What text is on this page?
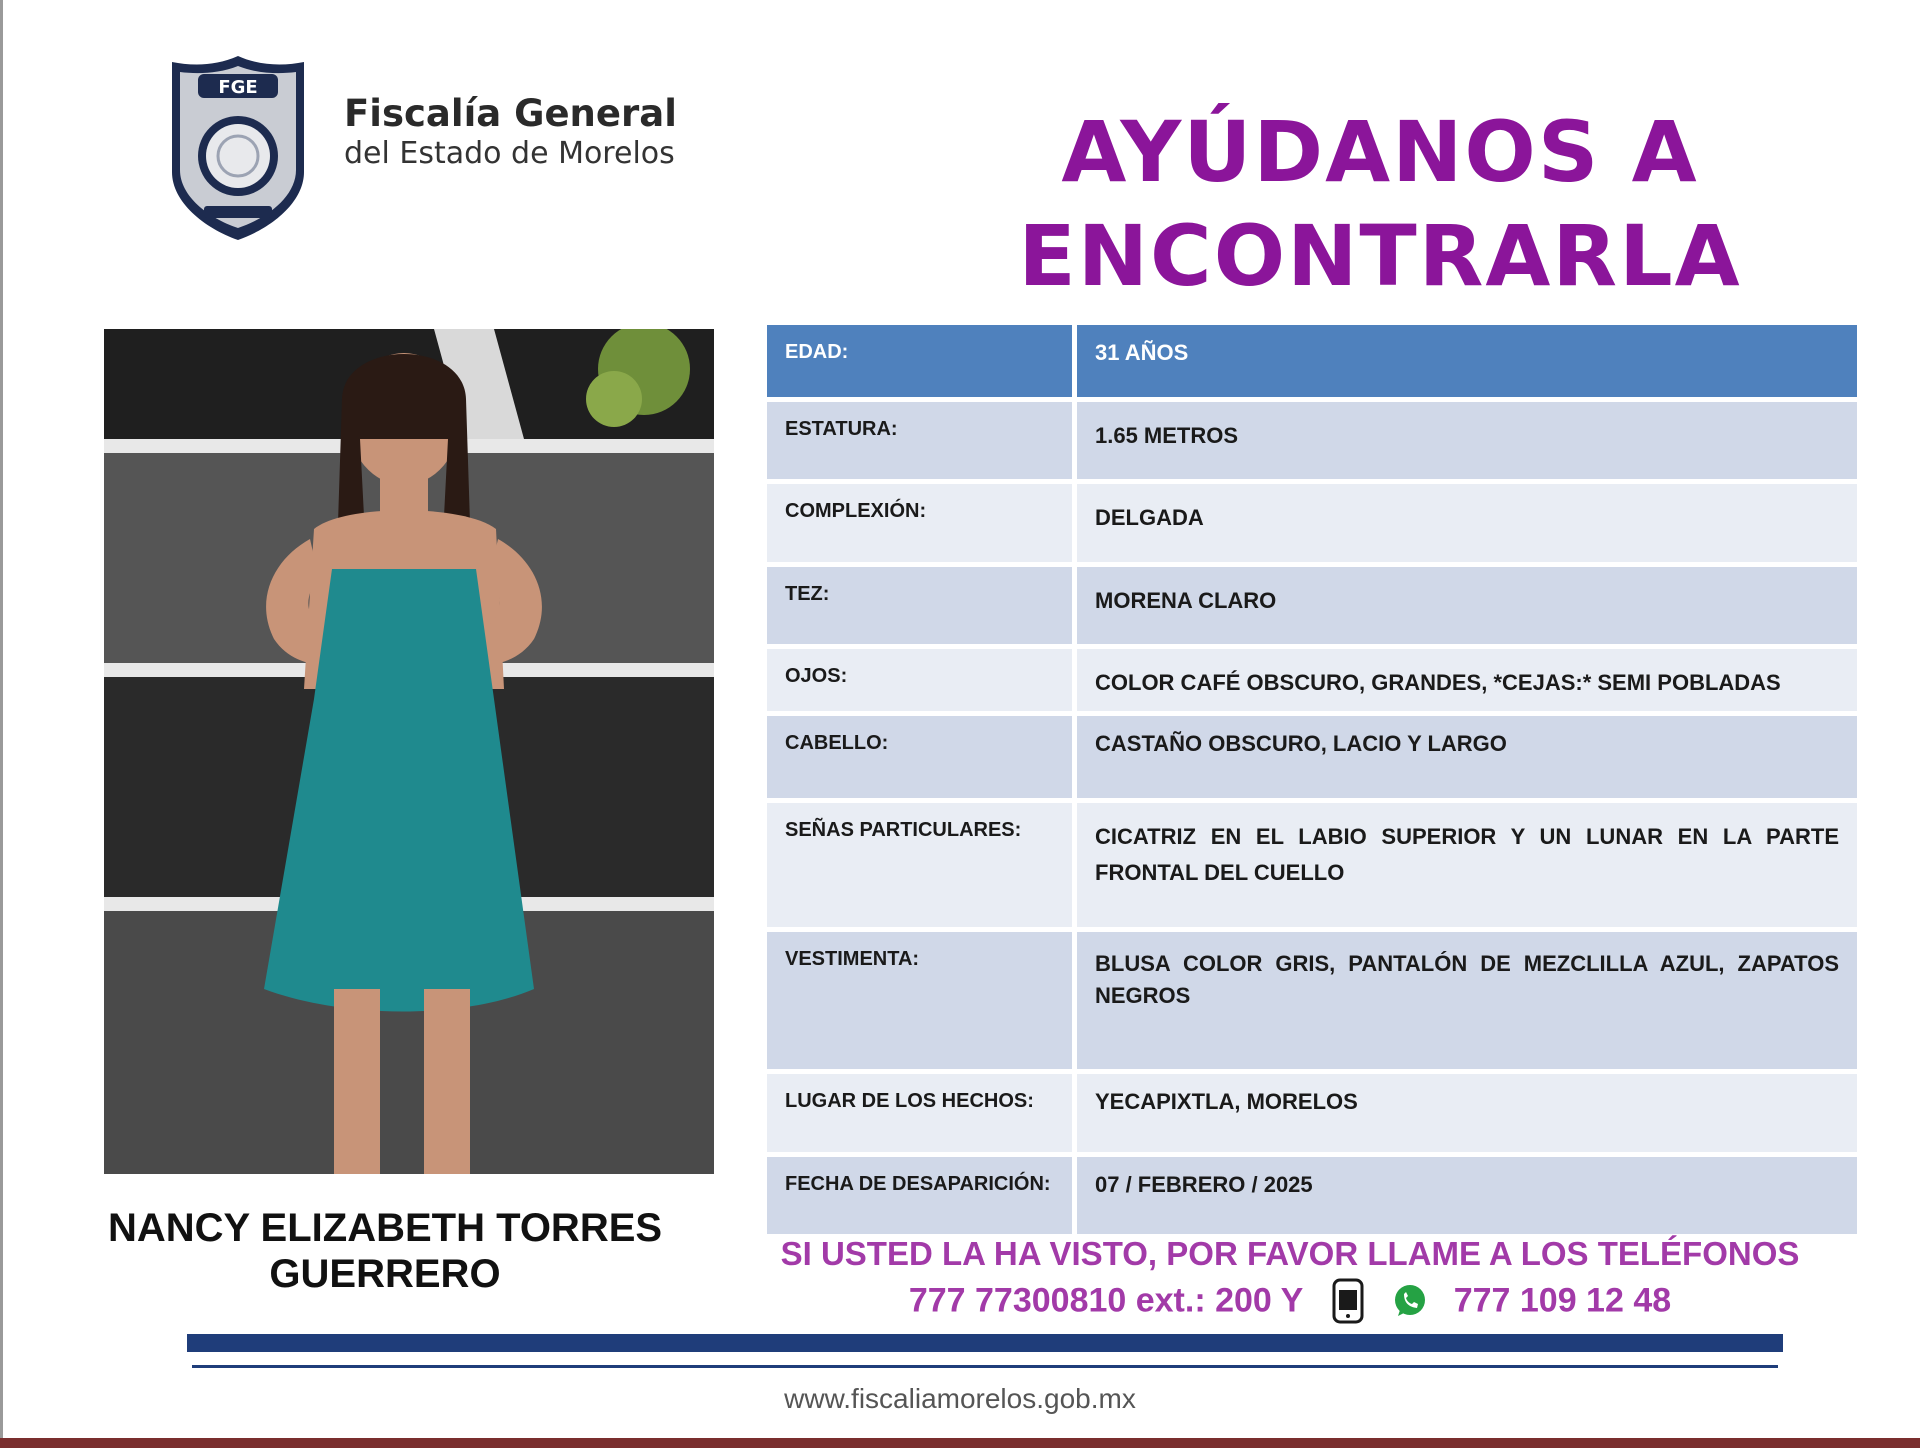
FGE
Fiscalía General
del Estado de Morelos	AYÚDANOS A
ENCONTRARLA
EDAD:	31 AÑOS
ESTATURA:	1.65 METROS
COMPLEXIÓN:	DELGADA
TEZ:	MORENA CLARO
OJOS:	COLOR CAFÉ OBSCURO, GRANDES, *CEJAS:* SEMI POBLADAS
CABELLO:	CASTAÑO OBSCURO, LACIO Y LARGO
SEÑAS PARTICULARES:	CICATRIZ EN EL LABIO SUPERIOR Y UN LUNAR EN LA PARTE FRONTAL DEL CUELLO
VESTIMENTA:	BLUSA COLOR GRIS, PANTALÓN DE MEZCLILLA AZUL, ZAPATOS NEGROS
LUGAR DE LOS HECHOS:	YECAPIXTLA, MORELOS
FECHA DE DESAPARICIÓN:	07 / FEBRERO / 2025
NANCY ELIZABETH TORRES
GUERRERO	SI USTED LA HA VISTO, POR FAVOR LLAME A LOS TELÉFONOS
777 77300810 ext.: 200 Y	777 109 12 48
www.fiscaliamorelos.gob.mx
